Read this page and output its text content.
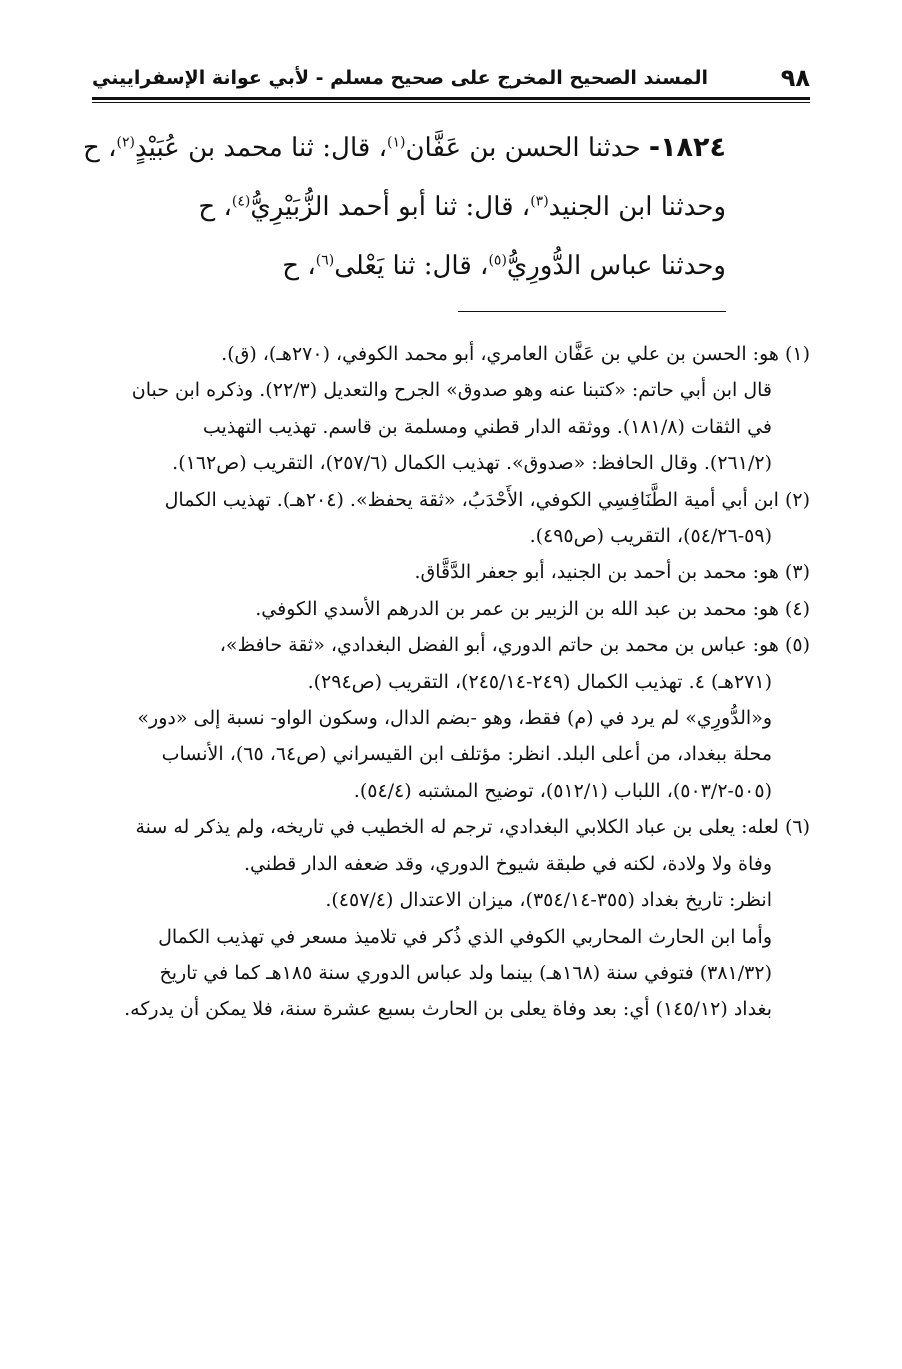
٩٨
المسند الصحيح المخرج على صحيح مسلم - لأبي عوانة الإسفراييني
١٨٢٤- حدثنا الحسن بن عَفَّان$^{(١)}$، قال: ثنا محمد بن عُبَيْدٍ$^{(٢)}$، ح
وحدثنا ابن الجنيد$^{(٣)}$، قال: ثنا أبو أحمد الزُّبَيْرِيُّ$^{(٤)}$، ح
وحدثنا عباس الدُّورِيُّ$^{(٥)}$، قال: ثنا يَعْلى$^{(٦)}$، ح
(١) هو: الحسن بن علي بن عَفَّان العامري، أبو محمد الكوفي، (٢٧٠هـ)، (ق).
قال ابن أبي حاتم: «كتبنا عنه وهو صدوق» الجرح والتعديل (٢٢/٣). وذكره ابن حبان
في الثقات (١٨١/٨). ووثقه الدار قطني ومسلمة بن قاسم. تهذيب التهذيب
(٢٦١/٢). وقال الحافظ: «صدوق». تهذيب الكمال (٢٥٧/٦)، التقريب (ص١٦٢).
(٢) ابن أبي أمية الطَّنَافِسِي الكوفي، الأَحْدَبُ، «ثقة يحفظ». (٢٠٤هـ). تهذيب الكمال
(٥٩-٥٤/٢٦)، التقريب (ص٤٩٥).
(٣) هو: محمد بن أحمد بن الجنيد، أبو جعفر الدَّقَّاق.
(٤) هو: محمد بن عبد الله بن الزبير بن عمر بن الدرهم الأسدي الكوفي.
(٥) هو: عباس بن محمد بن حاتم الدوري، أبو الفضل البغدادي، «ثقة حافظ»،
(٢٧١هـ) ٤. تهذيب الكمال (٢٤٩-٢٤٥/١٤)، التقريب (ص٢٩٤).
و«الدُّورِي» لم يرد في (م) فقط، وهو -بضم الدال، وسكون الواو- نسبة إلى «دور»
محلة ببغداد، من أعلى البلد. انظر: مؤتلف ابن القيسراني (ص٦٤، ٦٥)، الأنساب
(٥٠٥-٥٠٣/٢)، اللباب (٥١٢/١)، توضيح المشتبه (٥٤/٤).
(٦) لعله: يعلى بن عباد الكلابي البغدادي، ترجم له الخطيب في تاريخه، ولم يذكر له سنة
وفاة ولا ولادة، لكنه في طبقة شيوخ الدوري، وقد ضعفه الدار قطني.
انظر: تاريخ بغداد (٣٥٥-٣٥٤/١٤)، ميزان الاعتدال (٤٥٧/٤).
وأما ابن الحارث المحاربي الكوفي الذي ذُكر في تلاميذ مسعر في تهذيب الكمال
(٣٨١/٣٢) فتوفي سنة (١٦٨هـ) بينما ولد عباس الدوري سنة ١٨٥هـ كما في تاريخ
بغداد (١٤٥/١٢) أي: بعد وفاة يعلى بن الحارث بسبع عشرة سنة، فلا يمكن أن يدركه.
